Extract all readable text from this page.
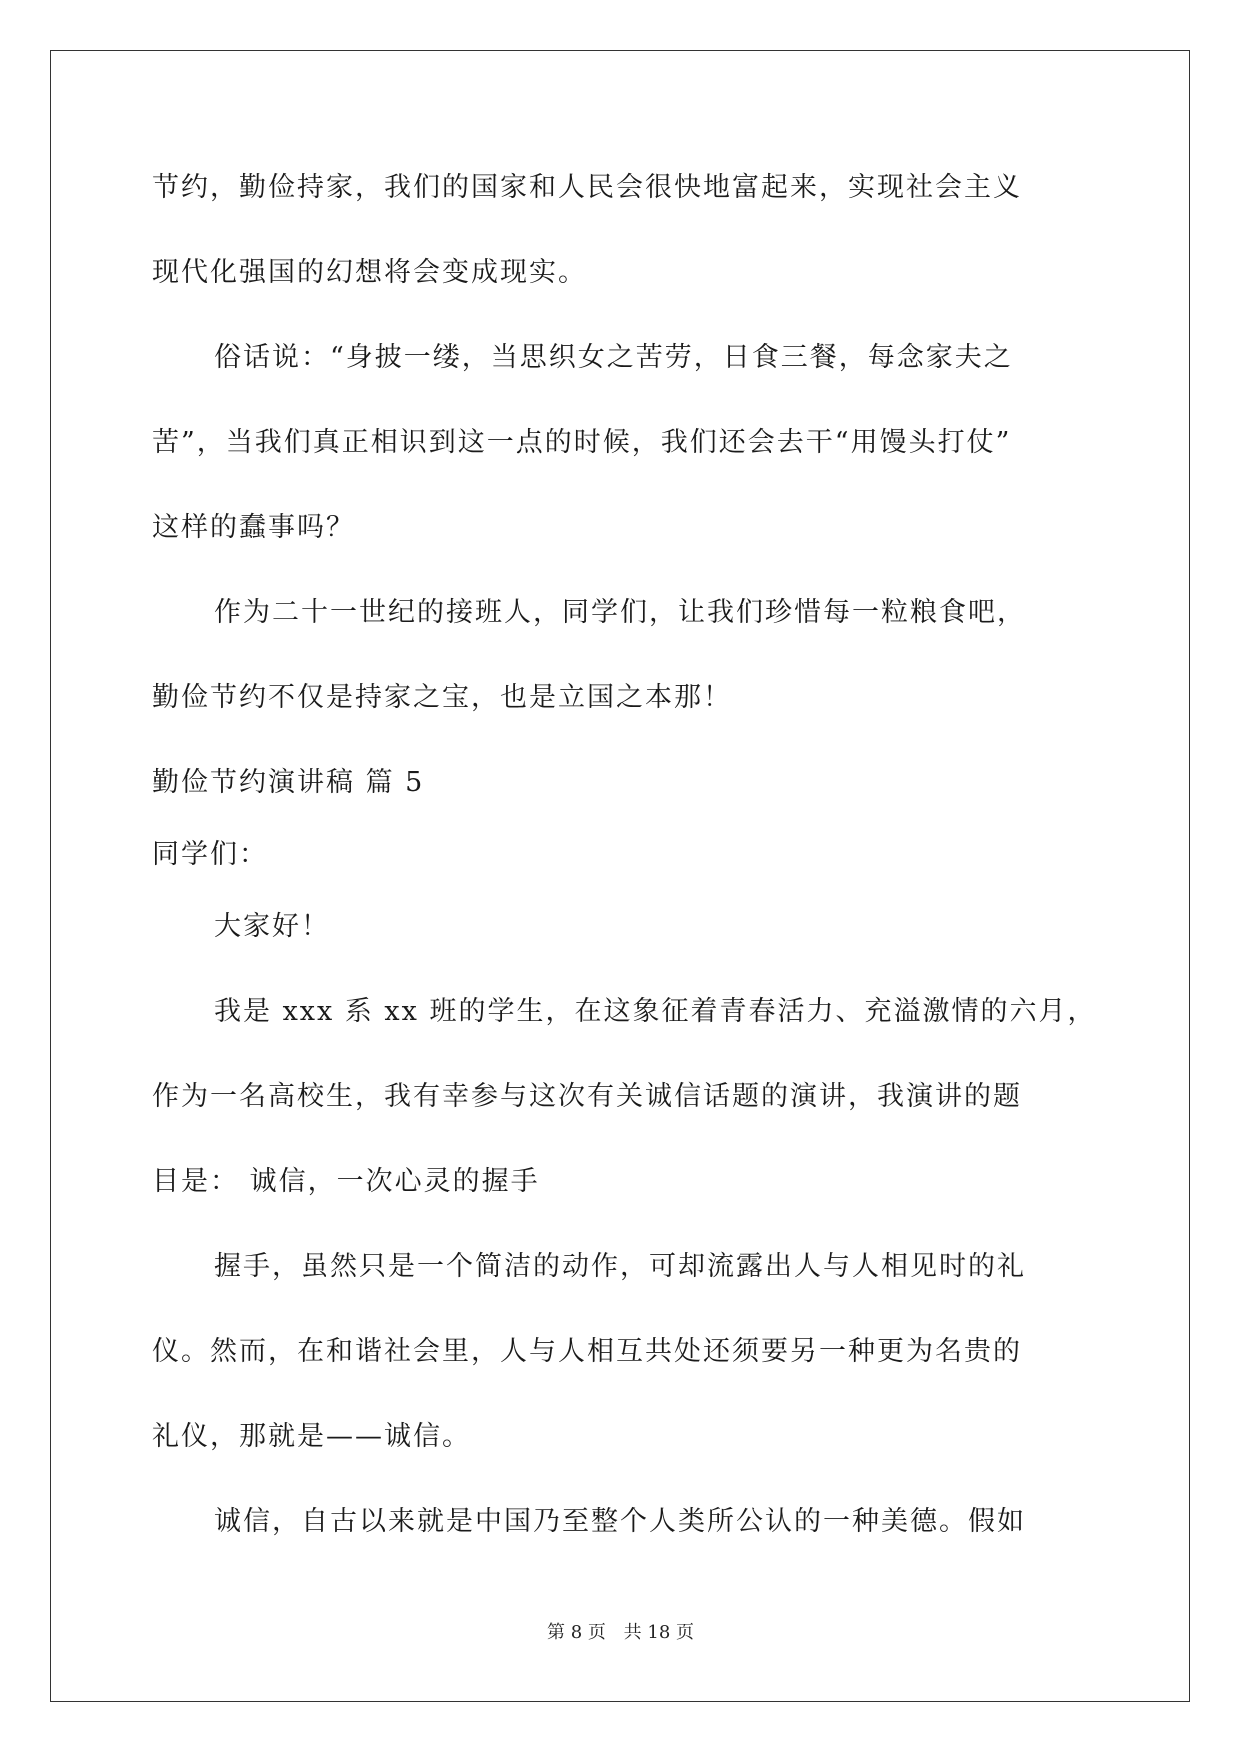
节约，勤俭持家，我们的国家和人民会很快地富起来，实现社会主义
现代化强国的幻想将会变成现实。
俗话说：“身披一缕，当思织女之苦劳，日食三餐，每念家夫之
苦”，当我们真正相识到这一点的时候，我们还会去干“用馒头打仗”
这样的蠢事吗？
作为二十一世纪的接班人，同学们，让我们珍惜每一粒粮食吧，
勤俭节约不仅是持家之宝，也是立国之本那！
勤俭节约演讲稿 篇 5
同学们：
大家好！
我是 xxx 系 xx 班的学生，在这象征着青春活力、充溢激情的六月，
作为一名高校生，我有幸参与这次有关诚信话题的演讲，我演讲的题
目是： 诚信，一次心灵的握手
握手，虽然只是一个简洁的动作，可却流露出人与人相见时的礼
仪。然而，在和谐社会里，人与人相互共处还须要另一种更为名贵的
礼仪，那就是——诚信。
诚信，自古以来就是中国乃至整个人类所公认的一种美德。假如
第 8 页 共 18 页
